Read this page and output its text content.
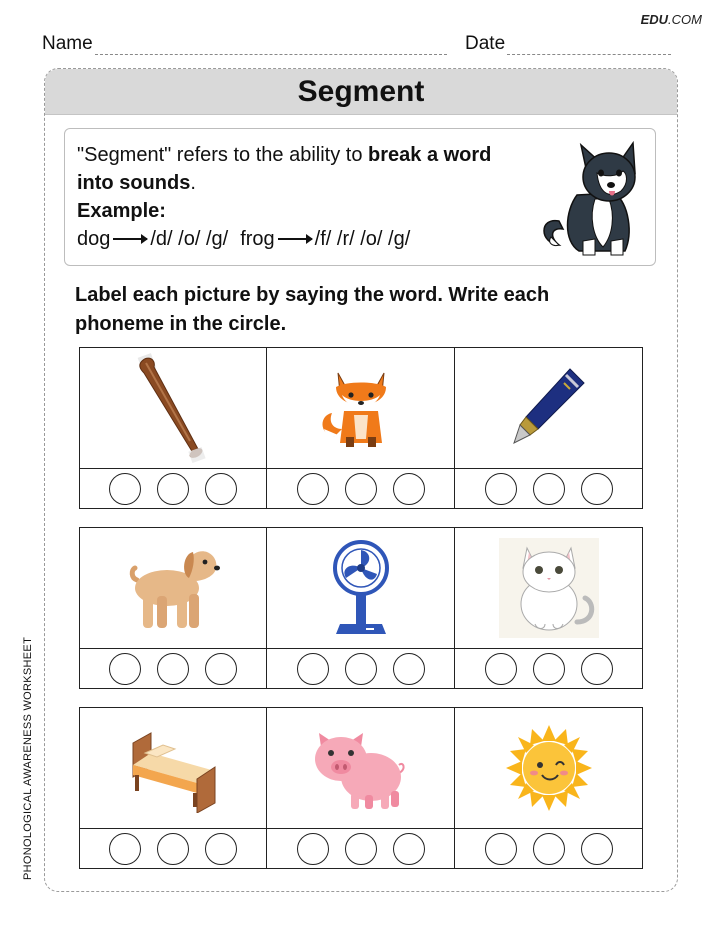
EDU.COM
Name	Date
PHONOLOGICAL AWARENESS WORKSHEET
Segment
"Segment" refers to the ability to break a word
into sounds.
Example:
dog /d/ /o/ /g/ frog /f/ /r/ /o/ /g/
Label each picture by saying the word. Write each phoneme in the circle.
